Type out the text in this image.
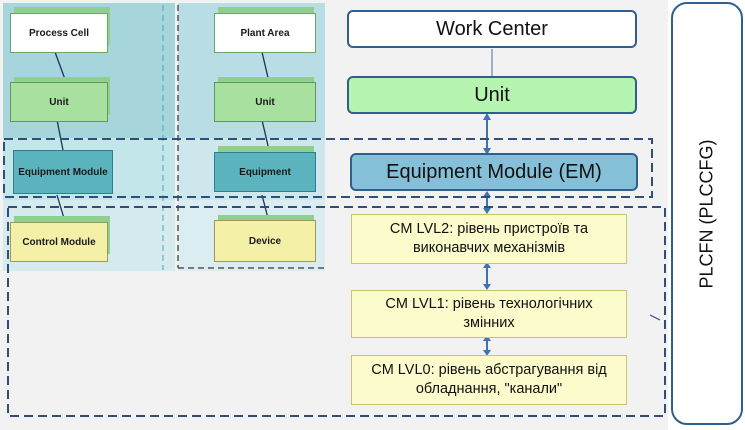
Process Cell
Unit
Equipment Module
Control Module
Plant Area
Unit
Equipment
Device
Work Center
Unit
Equipment Module (EM)
CM LVL2: рівень пристроїв та виконавчих механізмів
CM LVL1: рівень технологічних змінних
CM LVL0: рівень абстрагування від обладнання, "канали"
PLCFN (PLCCFG)
